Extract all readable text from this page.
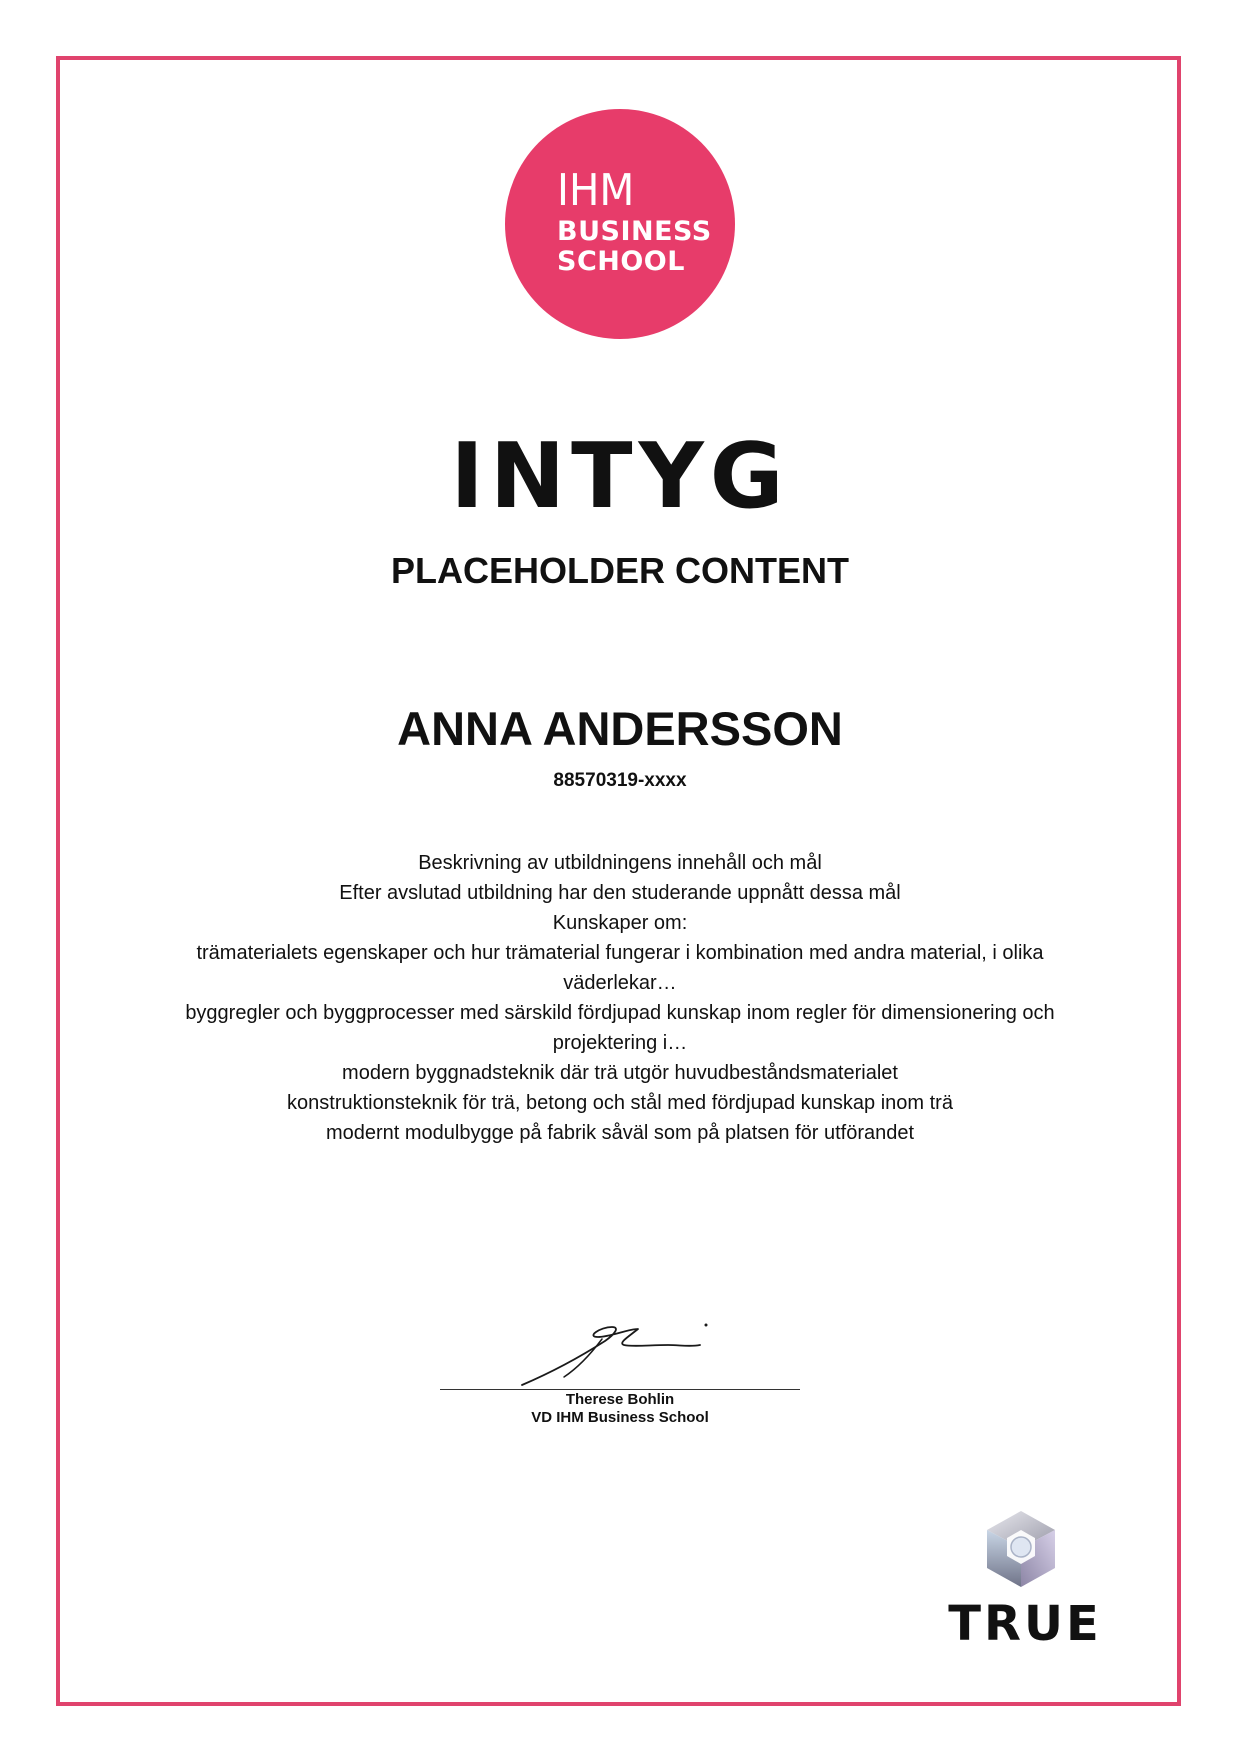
IHM
BUSINESS
SCHOOL
INTYG
PLACEHOLDER CONTENT
ANNA ANDERSSON
88570319-xxxx
Beskrivning av utbildningens innehåll och mål
Efter avslutad utbildning har den studerande uppnått dessa mål
Kunskaper om:
trämaterialets egenskaper och hur trämaterial fungerar i kombination med andra material, i olika väderlekar…
byggregler och byggprocesser med särskild fördjupad kunskap inom regler för dimensionering och projektering i…
modern byggnadsteknik där trä utgör huvudbeståndsmaterialet
konstruktionsteknik för trä, betong och stål med fördjupad kunskap inom trä
modernt modulbygge på fabrik såväl som på platsen för utförandet
Therese Bohlin
VD IHM Business School
TRUE
